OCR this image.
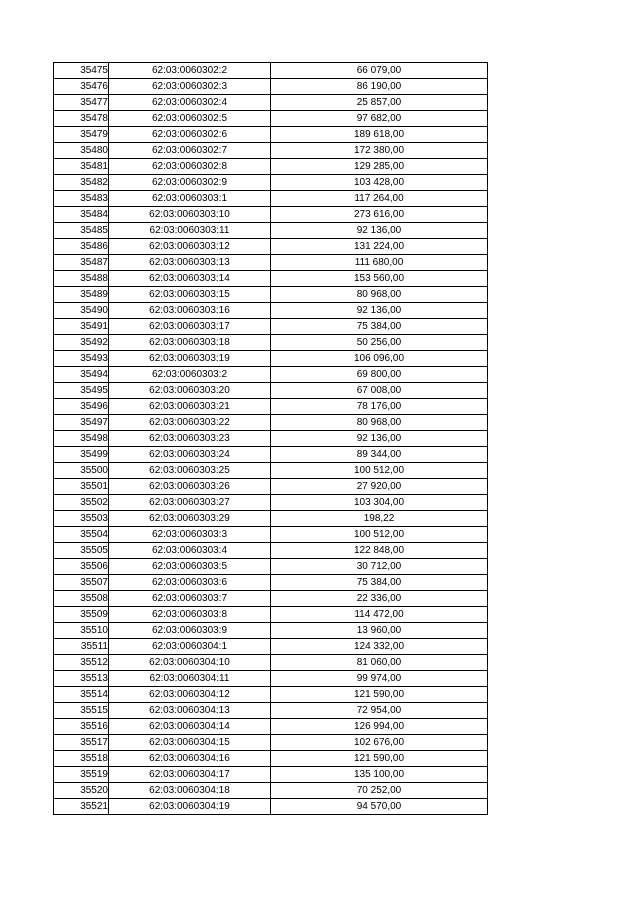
35475	62:03:0060302:2	66 079,00
35476	62:03:0060302:3	86 190,00
35477	62:03:0060302:4	25 857,00
35478	62:03:0060302:5	97 682,00
35479	62:03:0060302:6	189 618,00
35480	62:03:0060302:7	172 380,00
35481	62:03:0060302:8	129 285,00
35482	62:03:0060302:9	103 428,00
35483	62:03:0060303:1	117 264,00
35484	62:03:0060303:10	273 616,00
35485	62:03:0060303:11	92 136,00
35486	62:03:0060303:12	131 224,00
35487	62:03:0060303:13	111 680,00
35488	62:03:0060303:14	153 560,00
35489	62:03:0060303:15	80 968,00
35490	62:03:0060303:16	92 136,00
35491	62:03:0060303:17	75 384,00
35492	62:03:0060303:18	50 256,00
35493	62:03:0060303:19	106 096,00
35494	62:03:0060303:2	69 800,00
35495	62:03:0060303:20	67 008,00
35496	62:03:0060303:21	78 176,00
35497	62:03:0060303:22	80 968,00
35498	62:03:0060303:23	92 136,00
35499	62:03:0060303:24	89 344,00
35500	62:03:0060303:25	100 512,00
35501	62:03:0060303:26	27 920,00
35502	62:03:0060303:27	103 304,00
35503	62:03:0060303:29	198,22
35504	62:03:0060303:3	100 512,00
35505	62:03:0060303:4	122 848,00
35506	62:03:0060303:5	30 712,00
35507	62:03:0060303:6	75 384,00
35508	62:03:0060303:7	22 336,00
35509	62:03:0060303:8	114 472,00
35510	62:03:0060303:9	13 960,00
35511	62:03:0060304:1	124 332,00
35512	62:03:0060304:10	81 060,00
35513	62:03:0060304:11	99 974,00
35514	62:03:0060304:12	121 590,00
35515	62:03:0060304:13	72 954,00
35516	62:03:0060304:14	126 994,00
35517	62:03:0060304:15	102 676,00
35518	62:03:0060304:16	121 590,00
35519	62:03:0060304:17	135 100,00
35520	62:03:0060304:18	70 252,00
35521	62:03:0060304:19	94 570,00
